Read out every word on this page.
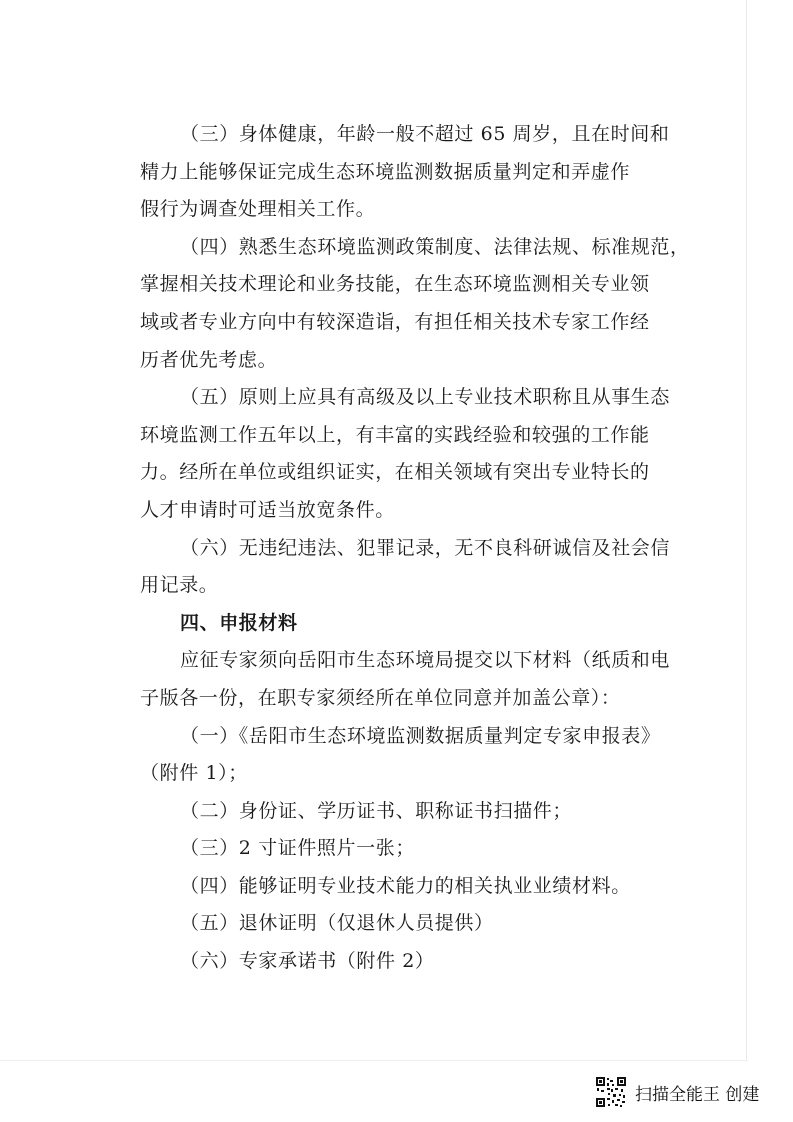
（三）身体健康，年龄一般不超过 65 周岁，且在时间和
精力上能够保证完成生态环境监测数据质量判定和弄虚作
假行为调查处理相关工作。

（四）熟悉生态环境监测政策制度、法律法规、标准规范，
掌握相关技术理论和业务技能，在生态环境监测相关专业领
域或者专业方向中有较深造诣，有担任相关技术专家工作经
历者优先考虑。

（五）原则上应具有高级及以上专业技术职称且从事生态
环境监测工作五年以上，有丰富的实践经验和较强的工作能
力。经所在单位或组织证实，在相关领域有突出专业特长的
人才申请时可适当放宽条件。

（六）无违纪违法、犯罪记录，无不良科研诚信及社会信
用记录。

四、申报材料

应征专家须向岳阳市生态环境局提交以下材料（纸质和电
子版各一份，在职专家须经所在单位同意并加盖公章）：

（一）《岳阳市生态环境监测数据质量判定专家申报表》
（附件 1）；

（二）身份证、学历证书、职称证书扫描件；

（三）2 寸证件照片一张；

（四）能够证明专业技术能力的相关执业业绩材料。

（五）退休证明（仅退休人员提供）

（六）专家承诺书（附件 2）

扫描全能王 创建
